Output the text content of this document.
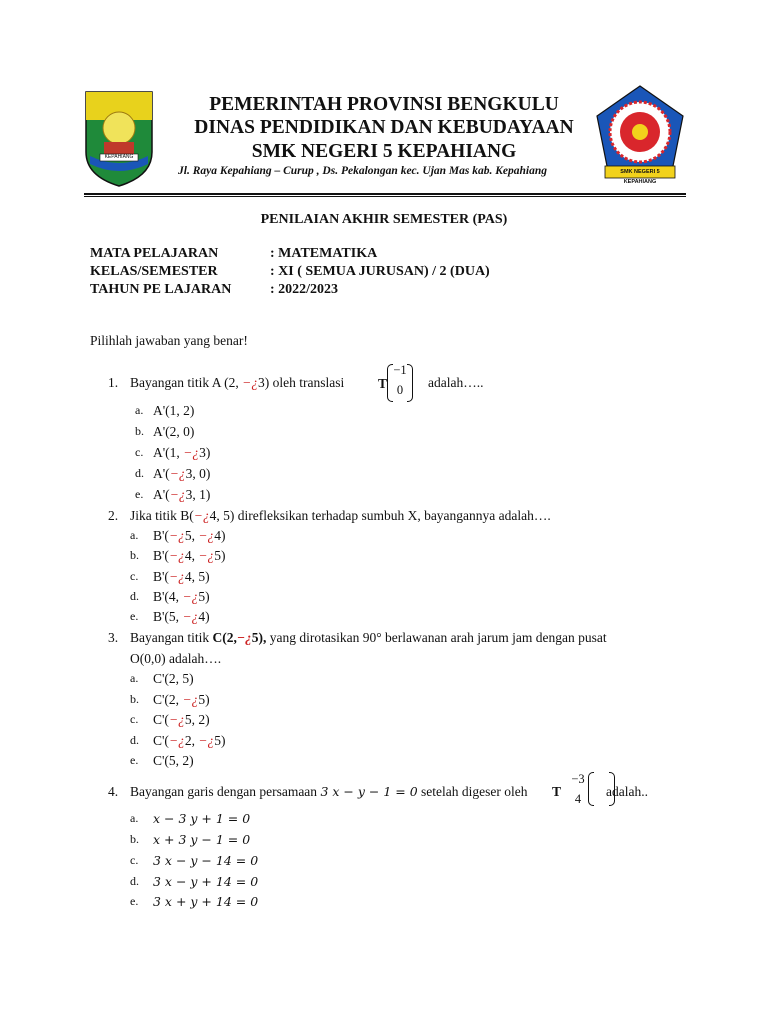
KEPAHIANG
SMK NEGERI 5 KEPAHIANG
PEMERINTAH PROVINSI BENGKULU
DINAS PENDIDIKAN DAN KEBUDAYAAN
SMK NEGERI 5 KEPAHIANG
Jl. Raya Kepahiang – Curup , Ds. Pekalongan kec. Ujan Mas kab. Kepahiang
PENILAIAN AKHIR SEMESTER (PAS)
MATA PELAJARAN	: MATEMATIKA
KELAS/SEMESTER	: XI ( SEMUA JURUSAN) / 2 (DUA)
TAHUN PE LAJARAN	: 2022/2023
Pilihlah jawaban yang benar!
1. Bayangan titik A (2, −¿3) oleh translasi	T
−1
0	adalah…..
a. A'(1, 2)
b. A'(2, 0)
c. A'(1, −¿3)
d. A'(−¿3, 0)
e. A'(−¿3, 1)
2. Jika titik B(−¿4, 5) direfleksikan terhadap sumbuh X, bayangannya adalah….
a. B'(−¿5, −¿4)
b. B'(−¿4, −¿5)
c. B'(−¿4, 5)
d. B'(4, −¿5)
e. B'(5, −¿4)
3. Bayangan titik C(2,−¿5), yang dirotasikan 90° berlawanan arah jarum jam dengan pusat
O(0,0) adalah….
a. C'(2, 5)
b. C'(2, −¿5)
c. C'(−¿5, 2)
d. C'(−¿2, −¿5)
e. C'(5, 2)
4. Bayangan garis dengan persamaan 3 x − y − 1 = 0 setelah digeser oleh T
−3
4	adalah..
a. x − 3 y + 1 = 0
b. x + 3 y − 1 = 0
c. 3 x − y − 14 = 0
d. 3 x − y + 14 = 0
e. 3 x + y + 14 = 0
